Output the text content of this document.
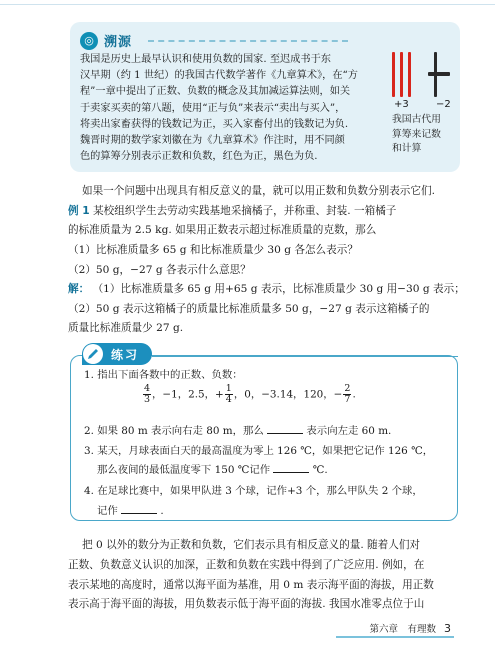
◎ 溯源
我国是历史上最早认识和使用负数的国家. 至迟成书于东
汉早期（约 1 世纪）的我国古代数学著作《九章算术》，在“方
程”一章中提出了正数、负数的概念及其加减运算法则，如关
于卖家买卖的第八题，使用“正与负”来表示“卖出与买入”，
将卖出家畜获得的钱数记为正，买入家畜付出的钱数记为负.
魏晋时期的数学家刘徽在为《九章算术》作注时，用不同颜
色的算筹分别表示正数和负数，红色为正，黑色为负.
+3	−2
我国古代用
算筹来记数
和计算
如果一个问题中出现具有相反意义的量，就可以用正数和负数分别表示它们.
例 1 某校组织学生去劳动实践基地采摘橘子，并称重、封装. 一箱橘子
的标准质量为 2.5 kg. 如果用正数表示超过标准质量的克数，那么
（1）比标准质量多 65 g 和比标准质量少 30 g 各怎么表示？
（2）50 g，−27 g 各表示什么意思？
解： （1）比标准质量多 65 g 用+65 g 表示，比标准质量少 30 g 用−30 g 表示；
（2）50 g 表示这箱橘子的质量比标准质量多 50 g，−27 g 表示这箱橘子的
质量比标准质量少 27 g.
练习
1. 指出下面各数中的正数、负数：
$\frac{4}{3}$ ，−1，2.5，+ $\frac{1}{4}$ ，0，−3.14，120，− $\frac{2}{7}$ .
2. 如果 80 m 表示向右走 80 m，那么	表示向左走 60 m.
3. 某天，月球表面白天的最高温度为零上 126 ℃，如果把它记作 126 ℃，
那么夜间的最低温度零下 150 ℃记作	℃.
4. 在足球比赛中，如果甲队进 3 个球，记作+3 个，那么甲队失 2 个球，
记作	.
把 0 以外的数分为正数和负数，它们表示具有相反意义的量. 随着人们对
正数、负数意义认识的加深，正数和负数在实践中得到了广泛应用. 例如，在
表示某地的高度时，通常以海平面为基准，用 0 m 表示海平面的海拔，用正数
表示高于海平面的海拔，用负数表示低于海平面的海拔. 我国水准零点位于山
第六章　有理数 3
